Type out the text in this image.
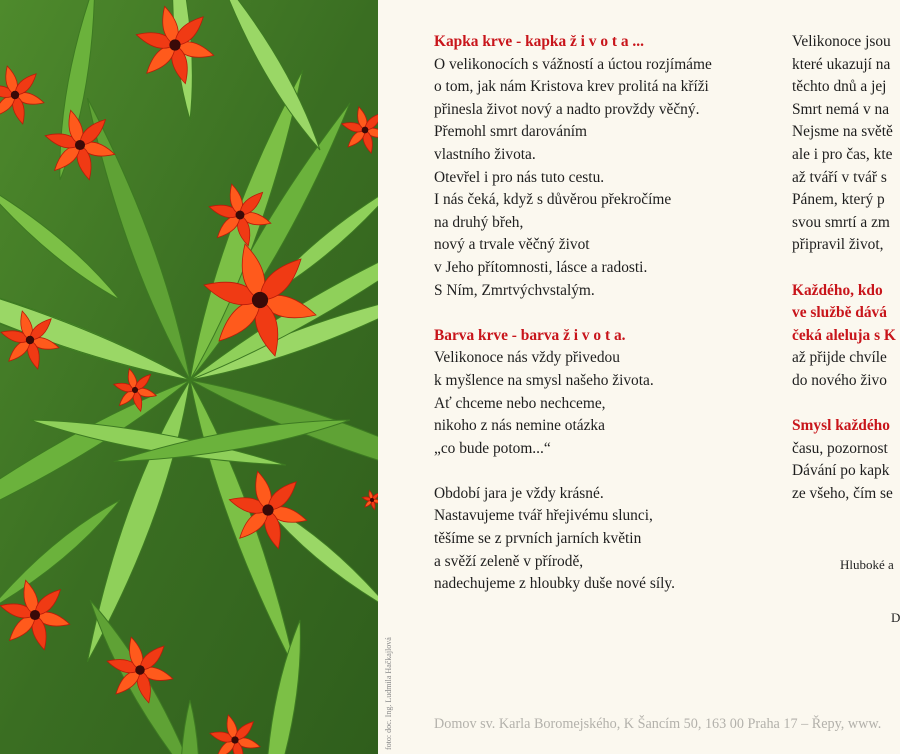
foto: doc. Ing. Ludmila Hačkajlová
Kapka krve - kapka ž i v o t a ...
O velikonocích s vážností a úctou rozjímáme
o tom, jak nám Kristova krev prolitá na kříži
přinesla život nový a nadto provždy věčný.
Přemohl smrt darováním
vlastního života.
Otevřel i pro nás tuto cestu.
I nás čeká, když s důvěrou překročíme
na druhý břeh,
nový a trvale věčný život
v Jeho přítomnosti, lásce a radosti.
S Ním, Zmrtvýchvstalým.
Barva krve - barva ž i v o t a.
Velikonoce nás vždy přivedou
k myšlence na smysl našeho života.
Ať chceme nebo nechceme,
nikoho z nás nemine otázka
„co bude potom...“
Období jara je vždy krásné.
Nastavujeme tvář hřejivému slunci,
těšíme se z prvních jarních květin
a svěží zeleně v přírodě,
nadechujeme z hloubky duše nové síly.
Velikonoce jsou
které ukazují na
těchto dnů a jej
Smrt nemá v na
Nejsme na světě
ale i pro čas, kte
až tváří v tvář s
Pánem, který p
svou smrtí a zm
připravil život,
Každého, kdo
ve službě dává
čeká aleluja s K
až přijde chvíle
do nového živo
Smysl každého
času, pozornost
Dávání po kapk
ze všeho, čím se
Hluboké a
D
Domov sv. Karla Boromejského, K Šancím 50, 163 00 Praha 17 – Řepy, www.
